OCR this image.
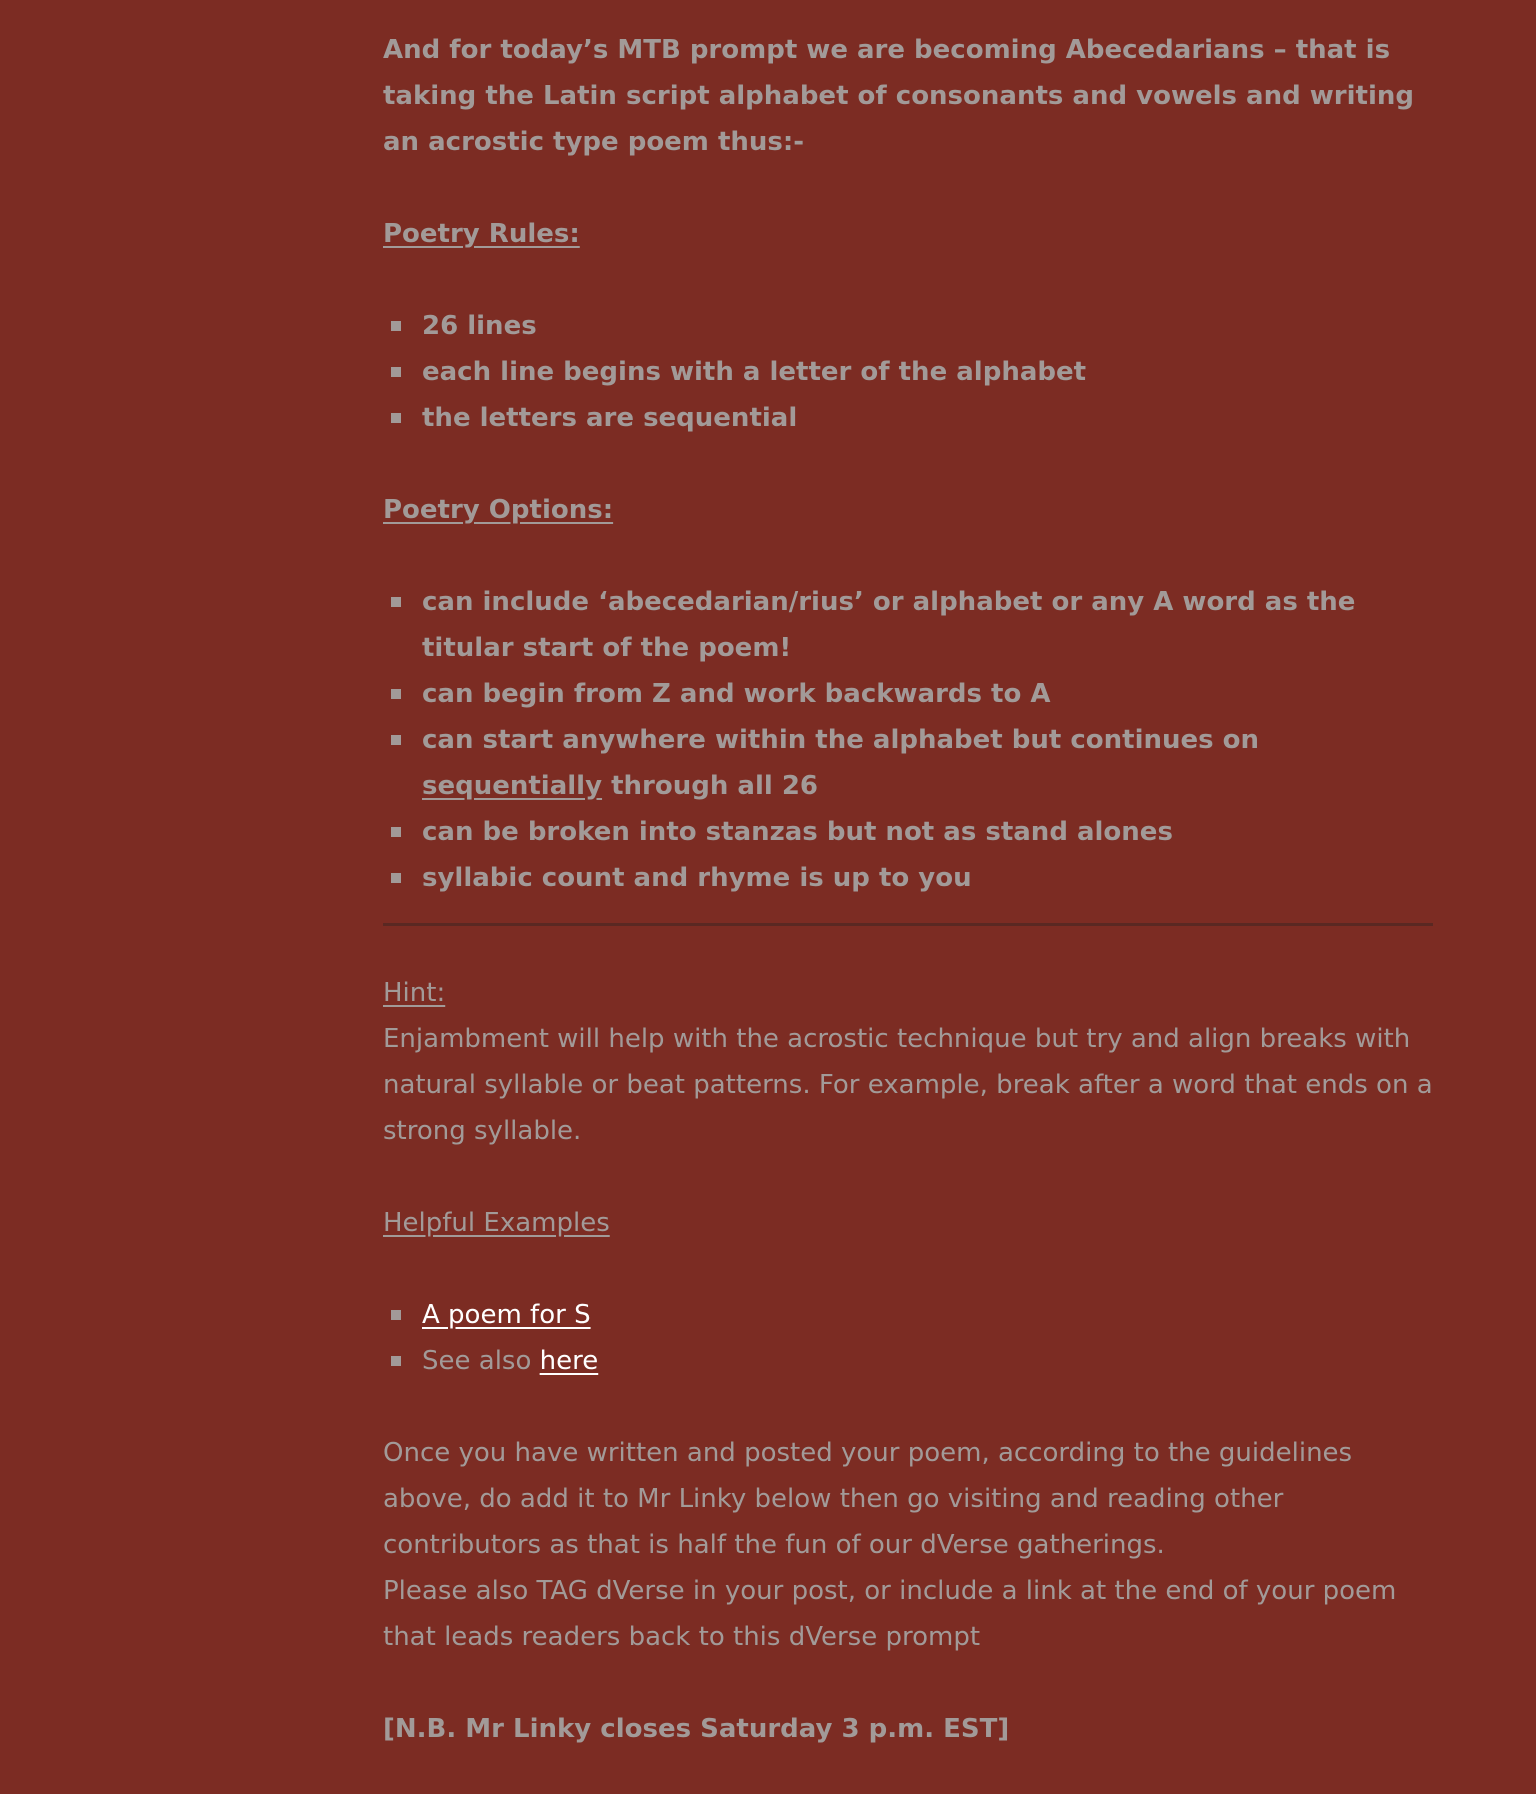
And for today’s MTB prompt we are becoming Abecedarians – that is taking the Latin script alphabet of consonants and vowels and writing an acrostic type poem thus:-

Poetry Rules:

26 lines
each line begins with a letter of the alphabet
the letters are sequential

Poetry Options:

can include ‘abecedarian/rius’ or alphabet or any A word as the titular start of the poem!
can begin from Z and work backwards to A
can start anywhere within the alphabet but continues on sequentially through all 26
can be broken into stanzas but not as stand alones
syllabic count and rhyme is up to you

Hint:

Enjambment will help with the acrostic technique but try and align breaks with natural syllable or beat patterns. For example, break after a word that ends on a strong syllable.

Helpful Examples

A poem for S
See also here

Once you have written and posted your poem, according to the guidelines above, do add it to Mr Linky below then go visiting and reading other contributors as that is half the fun of our dVerse gatherings.

Please also TAG dVerse in your post, or include a link at the end of your poem that leads readers back to this dVerse prompt

[N.B. Mr Linky closes Saturday 3 p.m. EST]
